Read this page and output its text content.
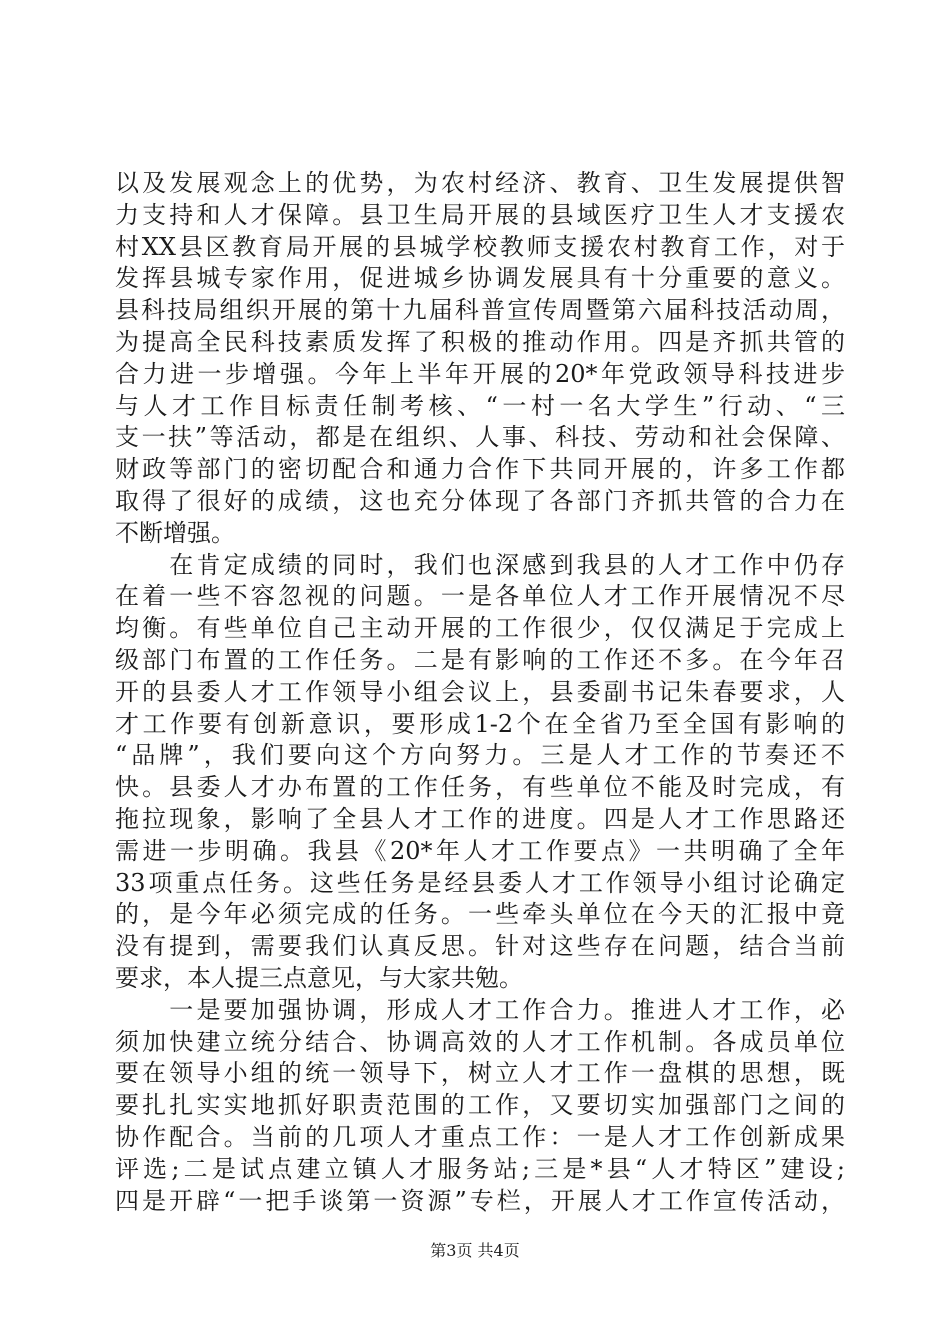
以及发展观念上的优势，为农村经济、教育、卫生发展提供智
力支持和人才保障。县卫生局开展的县域医疗卫生人才支援农
村XX县区教育局开展的县城学校教师支援农村教育工作，对于
发挥县城专家作用，促进城乡协调发展具有十分重要的意义。
县科技局组织开展的第十九届科普宣传周暨第六届科技活动周，
为提高全民科技素质发挥了积极的推动作用。四是齐抓共管的
合力进一步增强。今年上半年开展的20*年党政领导科技进步
与人才工作目标责任制考核、“一村一名大学生”行动、“三
支一扶”等活动，都是在组织、人事、科技、劳动和社会保障、
财政等部门的密切配合和通力合作下共同开展的，许多工作都
取得了很好的成绩，这也充分体现了各部门齐抓共管的合力在
不断增强。
　　在肯定成绩的同时，我们也深感到我县的人才工作中仍存
在着一些不容忽视的问题。一是各单位人才工作开展情况不尽
均衡。有些单位自己主动开展的工作很少，仅仅满足于完成上
级部门布置的工作任务。二是有影响的工作还不多。在今年召
开的县委人才工作领导小组会议上，县委副书记朱春要求，人
才工作要有创新意识，要形成1-2个在全省乃至全国有影响的
“品牌”，我们要向这个方向努力。三是人才工作的节奏还不
快。县委人才办布置的工作任务，有些单位不能及时完成，有
拖拉现象，影响了全县人才工作的进度。四是人才工作思路还
需进一步明确。我县《20*年人才工作要点》一共明确了全年
33项重点任务。这些任务是经县委人才工作领导小组讨论确定
的，是今年必须完成的任务。一些牵头单位在今天的汇报中竟
没有提到，需要我们认真反思。针对这些存在问题，结合当前
要求，本人提三点意见，与大家共勉。
　　一是要加强协调，形成人才工作合力。推进人才工作，必
须加快建立统分结合、协调高效的人才工作机制。各成员单位
要在领导小组的统一领导下，树立人才工作一盘棋的思想，既
要扎扎实实地抓好职责范围的工作，又要切实加强部门之间的
协作配合。当前的几项人才重点工作：一是人才工作创新成果
评选;二是试点建立镇人才服务站;三是*县“人才特区”建设;
四是开辟“一把手谈第一资源”专栏，开展人才工作宣传活动，
第3页 共4页
